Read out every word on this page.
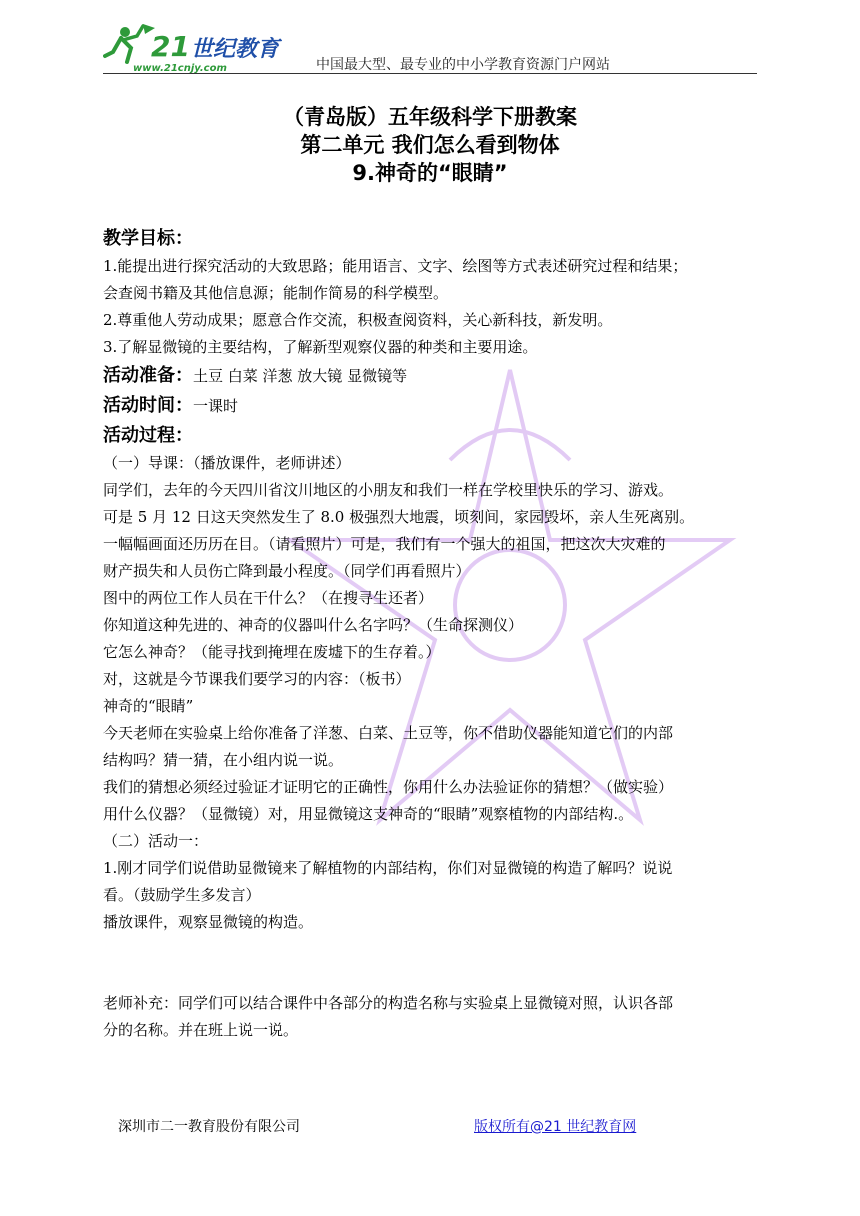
21 世纪教育
www.21cnjy.com	中国最大型、最专业的中小学教育资源门户网站
（青岛版）五年级科学下册教案
第二单元 我们怎么看到物体
9.神奇的“眼睛”

教学目标：

1.能提出进行探究活动的大致思路；能用语言、文字、绘图等方式表述研究过程和结果；

会查阅书籍及其他信息源；能制作简易的科学模型。

2.尊重他人劳动成果；愿意合作交流，积极查阅资料，关心新科技，新发明。

3.了解显微镜的主要结构，了解新型观察仪器的种类和主要用途。

活动准备：土豆 白菜 洋葱 放大镜 显微镜等

活动时间：一课时

活动过程：

（一）导课：（播放课件，老师讲述）

同学们，去年的今天四川省汶川地区的小朋友和我们一样在学校里快乐的学习、游戏。

可是 5 月 12 日这天突然发生了 8.0 极强烈大地震，顷刻间，家园毁坏，亲人生死离别。

一幅幅画面还历历在目。（请看照片）可是，我们有一个强大的祖国，把这次大灾难的

财产损失和人员伤亡降到最小程度。（同学们再看照片）

图中的两位工作人员在干什么？（在搜寻生还者）

你知道这种先进的、神奇的仪器叫什么名字吗？（生命探测仪）

它怎么神奇？（能寻找到掩埋在废墟下的生存着。）

对，这就是今节课我们要学习的内容：（板书）

神奇的“眼睛”

今天老师在实验桌上给你准备了洋葱、白菜、土豆等，你不借助仪器能知道它们的内部

结构吗？猜一猜，在小组内说一说。

我们的猜想必须经过验证才证明它的正确性，你用什么办法验证你的猜想？（做实验）

用什么仪器？（显微镜）对，用显微镜这支神奇的“眼睛”观察植物的内部结构.。

（二）活动一：

1.刚才同学们说借助显微镜来了解植物的内部结构，你们对显微镜的构造了解吗？说说

看。（鼓励学生多发言）

播放课件，观察显微镜的构造。

老师补充：同学们可以结合课件中各部分的构造名称与实验桌上显微镜对照，认识各部

分的名称。并在班上说一说。

深圳市二一教育股份有限公司	版权所有@21 世纪教育网
